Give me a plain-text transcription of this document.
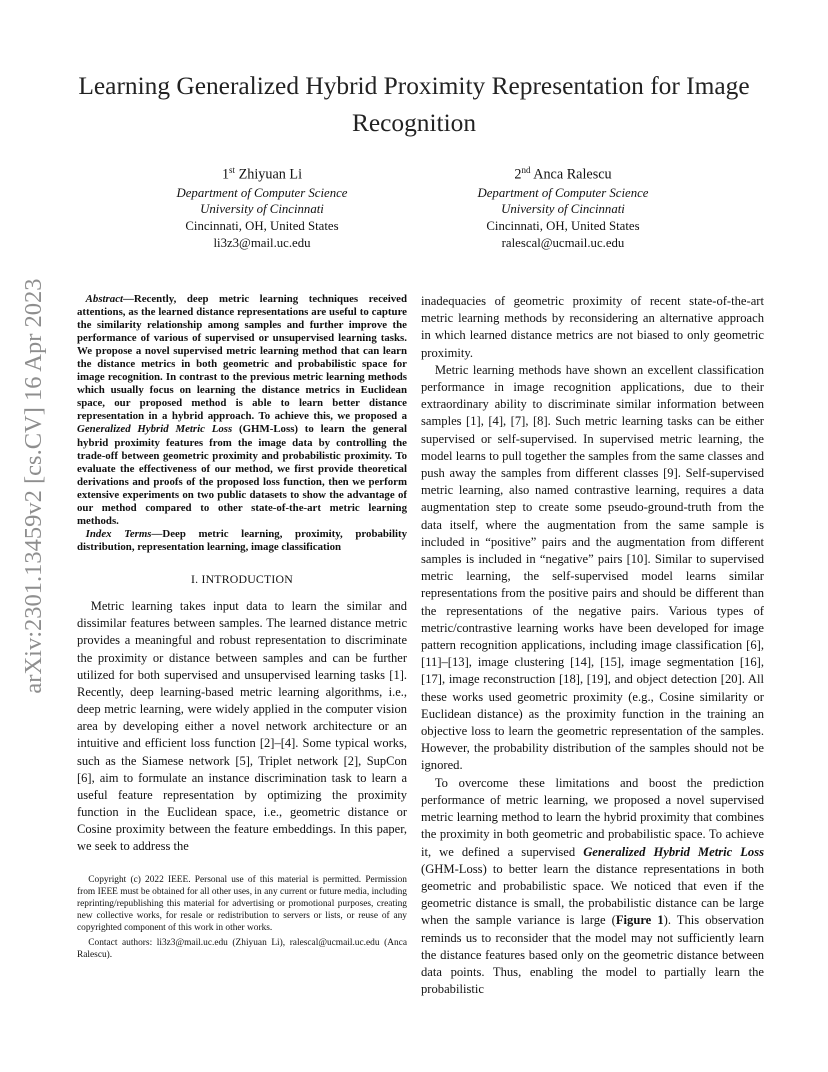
arXiv:2301.13459v2 [cs.CV] 16 Apr 2023
Learning Generalized Hybrid Proximity Representation for Image Recognition
1st Zhiyuan Li
Department of Computer Science
University of Cincinnati
Cincinnati, OH, United States
li3z3@mail.uc.edu
2nd Anca Ralescu
Department of Computer Science
University of Cincinnati
Cincinnati, OH, United States
ralescal@ucmail.uc.edu

Abstract—Recently, deep metric learning techniques received attentions, as the learned distance representations are useful to capture the similarity relationship among samples and further improve the performance of various of supervised or unsupervised learning tasks. We propose a novel supervised metric learning method that can learn the distance metrics in both geometric and probabilistic space for image recognition. In contrast to the previous metric learning methods which usually focus on learning the distance metrics in Euclidean space, our proposed method is able to learn better distance representation in a hybrid approach. To achieve this, we proposed a Generalized Hybrid Metric Loss (GHM-Loss) to learn the general hybrid proximity features from the image data by controlling the trade-off between geometric proximity and probabilistic proximity. To evaluate the effectiveness of our method, we first provide theoretical derivations and proofs of the proposed loss function, then we perform extensive experiments on two public datasets to show the advantage of our method compared to other state-of-the-art metric learning methods.

Index Terms—Deep metric learning, proximity, probability distribution, representation learning, image classification

I. INTRODUCTION

Metric learning takes input data to learn the similar and dissimilar features between samples. The learned distance metric provides a meaningful and robust representation to discriminate the proximity or distance between samples and can be further utilized for both supervised and unsupervised learning tasks [1]. Recently, deep learning-based metric learning algorithms, i.e., deep metric learning, were widely applied in the computer vision area by developing either a novel network architecture or an intuitive and efficient loss function [2]–[4]. Some typical works, such as the Siamese network [5], Triplet network [2], SupCon [6], aim to formulate an instance discrimination task to learn a useful feature representation by optimizing the proximity function in the Euclidean space, i.e., geometric distance or Cosine proximity between the feature embeddings. In this paper, we seek to address the

Copyright (c) 2022 IEEE. Personal use of this material is permitted. Permission from IEEE must be obtained for all other uses, in any current or future media, including reprinting/republishing this material for advertising or promotional purposes, creating new collective works, for resale or redistribution to servers or lists, or reuse of any copyrighted component of this work in other works.

Contact authors: li3z3@mail.uc.edu (Zhiyuan Li), ralescal@ucmail.uc.edu (Anca Ralescu).

inadequacies of geometric proximity of recent state-of-the-art metric learning methods by reconsidering an alternative approach in which learned distance metrics are not biased to only geometric proximity.

Metric learning methods have shown an excellent classification performance in image recognition applications, due to their extraordinary ability to discriminate similar information between samples [1], [4], [7], [8]. Such metric learning tasks can be either supervised or self-supervised. In supervised metric learning, the model learns to pull together the samples from the same classes and push away the samples from different classes [9]. Self-supervised metric learning, also named contrastive learning, requires a data augmentation step to create some pseudo-ground-truth from the data itself, where the augmentation from the same sample is included in “positive” pairs and the augmentation from different samples is included in “negative” pairs [10]. Similar to supervised metric learning, the self-supervised model learns similar representations from the positive pairs and should be different than the representations of the negative pairs. Various types of metric/contrastive learning works have been developed for image pattern recognition applications, including image classification [6], [11]–[13], image clustering [14], [15], image segmentation [16], [17], image reconstruction [18], [19], and object detection [20]. All these works used geometric proximity (e.g., Cosine similarity or Euclidean distance) as the proximity function in the training an objective loss to learn the geometric representation of the samples. However, the probability distribution of the samples should not be ignored.

To overcome these limitations and boost the prediction performance of metric learning, we proposed a novel supervised metric learning method to learn the hybrid proximity that combines the proximity in both geometric and probabilistic space. To achieve it, we defined a supervised Generalized Hybrid Metric Loss (GHM-Loss) to better learn the distance representations in both geometric and probabilistic space. We noticed that even if the geometric distance is small, the probabilistic distance can be large when the sample variance is large (Figure 1). This observation reminds us to reconsider that the model may not sufficiently learn the distance features based only on the geometric distance between data points. Thus, enabling the model to partially learn the probabilistic
